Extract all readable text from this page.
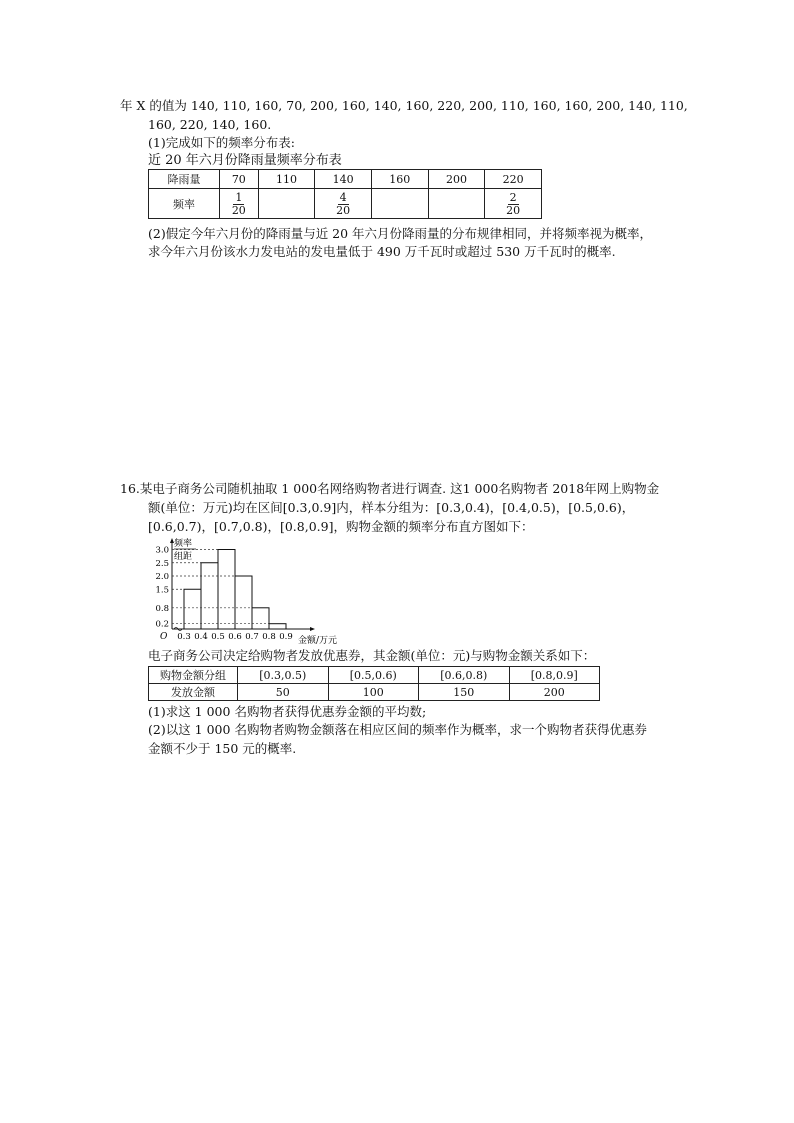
年 X 的值为 140, 110, 160, 70, 200, 160, 140, 160, 220, 200, 110, 160, 160, 200, 140, 110,
160, 220, 140, 160.
(1)完成如下的频率分布表:
近 20 年六月份降雨量频率分布表
降雨量	70	110	140	160	200	220
频率	$\frac{1}{20}$		$\frac{4}{20}$			$\frac{2}{20}$
(2)假定今年六月份的降雨量与近 20 年六月份降雨量的分布规律相同，并将频率视为概率，
求今年六月份该水力发电站的发电量低于 490 万千瓦时或超过 530 万千瓦时的概率.
16.某电子商务公司随机抽取 1 000名网络购物者进行调查. 这1 000名购物者 2018年网上购物金
额(单位：万元)均在区间[0.3,0.9]内，样本分组为：[0.3,0.4)，[0.4,0.5)，[0.5,0.6)，
[0.6,0.7)，[0.7,0.8)，[0.8,0.9]，购物金额的频率分布直方图如下：
0.2
0.8
1.5
2.0
2.5
3.0
0.3 0.4 0.5 0.6 0.7 0.8 0.9
O
频率
组距
金额/万元
电子商务公司决定给购物者发放优惠券，其金额(单位：元)与购物金额关系如下：
购物金额分组	[0.3,0.5)	[0.5,0.6)	[0.6,0.8)	[0.8,0.9]
发放金额	50	100	150	200
(1)求这 1 000 名购物者获得优惠券金额的平均数;
(2)以这 1 000 名购物者购物金额落在相应区间的频率作为概率，求一个购物者获得优惠券
金额不少于 150 元的概率.
